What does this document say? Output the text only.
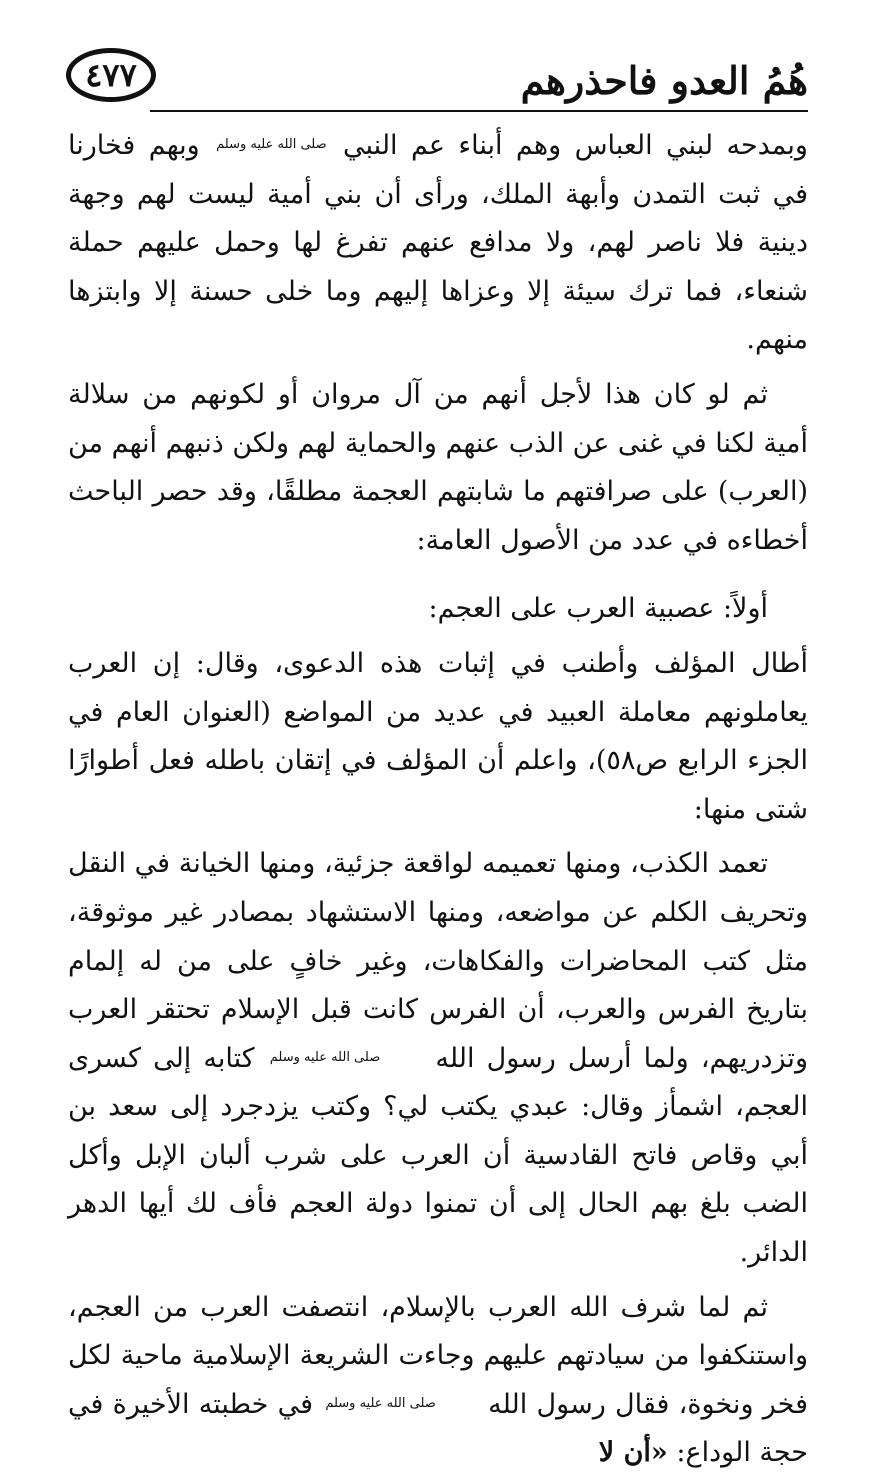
٤٧٧	هُمُ العدو فاحذرهم

وبمدحه لبني العباس وهم أبناء عم النبي صلى الله عليه وسلم وبهم فخارنا في ثبت التمدن وأبهة الملك، ورأى أن بني أمية ليست لهم وجهة دينية فلا ناصر لهم، ولا مدافع عنهم تفرغ لها وحمل عليهم حملة شنعاء، فما ترك سيئة إلا وعزاها إليهم وما خلى حسنة إلا وابتزها منهم.

ثم لو كان هذا لأجل أنهم من آل مروان أو لكونهم من سلالة أمية لكنا في غنى عن الذب عنهم والحماية لهم ولكن ذنبهم أنهم من (العرب) على صرافتهم ما شابتهم العجمة مطلقًا، وقد حصر الباحث أخطاءه في عدد من الأصول العامة:

أولاً: عصبية العرب على العجم:

أطال المؤلف وأطنب في إثبات هذه الدعوى، وقال: إن العرب يعاملونهم معاملة العبيد في عديد من المواضع (العنوان العام في الجزء الرابع ص٥٨)، واعلم أن المؤلف في إتقان باطله فعل أطوارًا شتى منها:

تعمد الكذب، ومنها تعميمه لواقعة جزئية، ومنها الخيانة في النقل وتحريف الكلم عن مواضعه، ومنها الاستشهاد بمصادر غير موثوقة، مثل كتب المحاضرات والفكاهات، وغير خافٍ على من له إلمام بتاريخ الفرس والعرب، أن الفرس كانت قبل الإسلام تحتقر العرب وتزدريهم، ولما أرسل رسول الله صلى الله عليه وسلم كتابه إلى كسرى العجم، اشمأز وقال: عبدي يكتب لي؟ وكتب يزدجرد إلى سعد بن أبي وقاص فاتح القادسية أن العرب على شرب ألبان الإبل وأكل الضب بلغ بهم الحال إلى أن تمنوا دولة العجم فأف لك أيها الدهر الدائر.

ثم لما شرف الله العرب بالإسلام، انتصفت العرب من العجم، واستنكفوا من سيادتهم عليهم وجاءت الشريعة الإسلامية ماحية لكل فخر ونخوة، فقال رسول الله صلى الله عليه وسلم في خطبته الأخيرة في حجة الوداع: «أن لا
